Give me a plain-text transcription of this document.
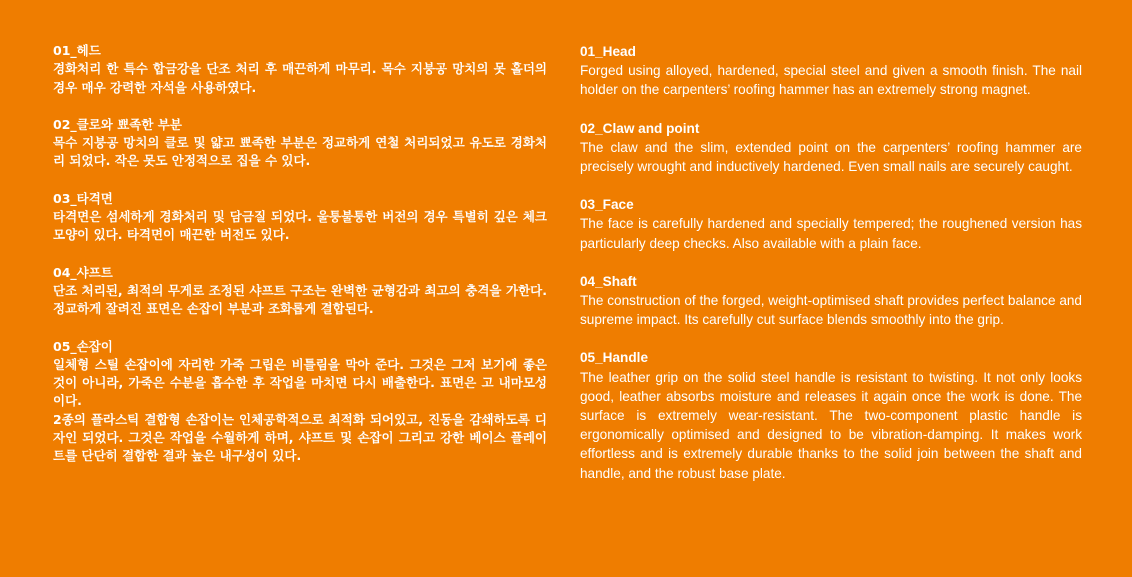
01_헤드
경화처리 한 특수 합금강을 단조 처리 후 매끈하게 마무리. 목수 지붕공 망치의 못 홀더의 경우 매우 강력한 자석을 사용하였다.
02_클로와 뾰족한 부분
목수 지붕공 망치의 클로 및 얇고 뾰족한 부분은 정교하게 연철 처리되었고 유도로 경화처리 되었다. 작은 못도 안정적으로 집을 수 있다.
03_타격면
타격면은 섬세하게 경화처리 및 담금질 되었다. 울퉁불퉁한 버전의 경우 특별히 깊은 체크 모양이 있다. 타격면이 매끈한 버전도 있다.
04_샤프트
단조 처리된, 최적의 무게로 조정된 샤프트 구조는 완벽한 균형감과 최고의 충격을 가한다. 정교하게 잘려진 표면은 손잡이 부분과 조화롭게 결합된다.
05_손잡이
일체형 스틸 손잡이에 자리한 가죽 그립은 비틀림을 막아 준다. 그것은 그저 보기에 좋은 것이 아니라, 가죽은 수분을 흡수한 후 작업을 마치면 다시 배출한다. 표면은 고 내마모성이다.
2종의 플라스틱 결합형 손잡이는 인체공학적으로 최적화 되어있고, 진동을 감쇄하도록 디자인 되었다. 그것은 작업을 수월하게 하며, 샤프트 및 손잡이 그리고 강한 베이스 플레이트를 단단히 결합한 결과 높은 내구성이 있다.
01_Head
Forged using alloyed, hardened, special steel and given a smooth finish. The nail holder on the carpenters’ roofing hammer has an extremely strong magnet.
02_Claw and point
The claw and the slim, extended point on the carpenters’ roofing hammer are precisely wrought and inductively hardened. Even small nails are securely caught.
03_Face
The face is carefully hardened and specially tempered; the roughened version has particularly deep checks. Also available with a plain face.
04_Shaft
The construction of the forged, weight-optimised shaft provides perfect balance and supreme impact. Its carefully cut surface blends smoothly into the grip.
05_Handle
The leather grip on the solid steel handle is resistant to twisting. It not only looks good, leather absorbs moisture and releases it again once the work is done. The surface is extremely wear-resistant. The two-component plastic handle is ergonomically optimised and designed to be vibration-damping. It makes work effortless and is extremely durable thanks to the solid join between the shaft and handle, and the robust base plate.
